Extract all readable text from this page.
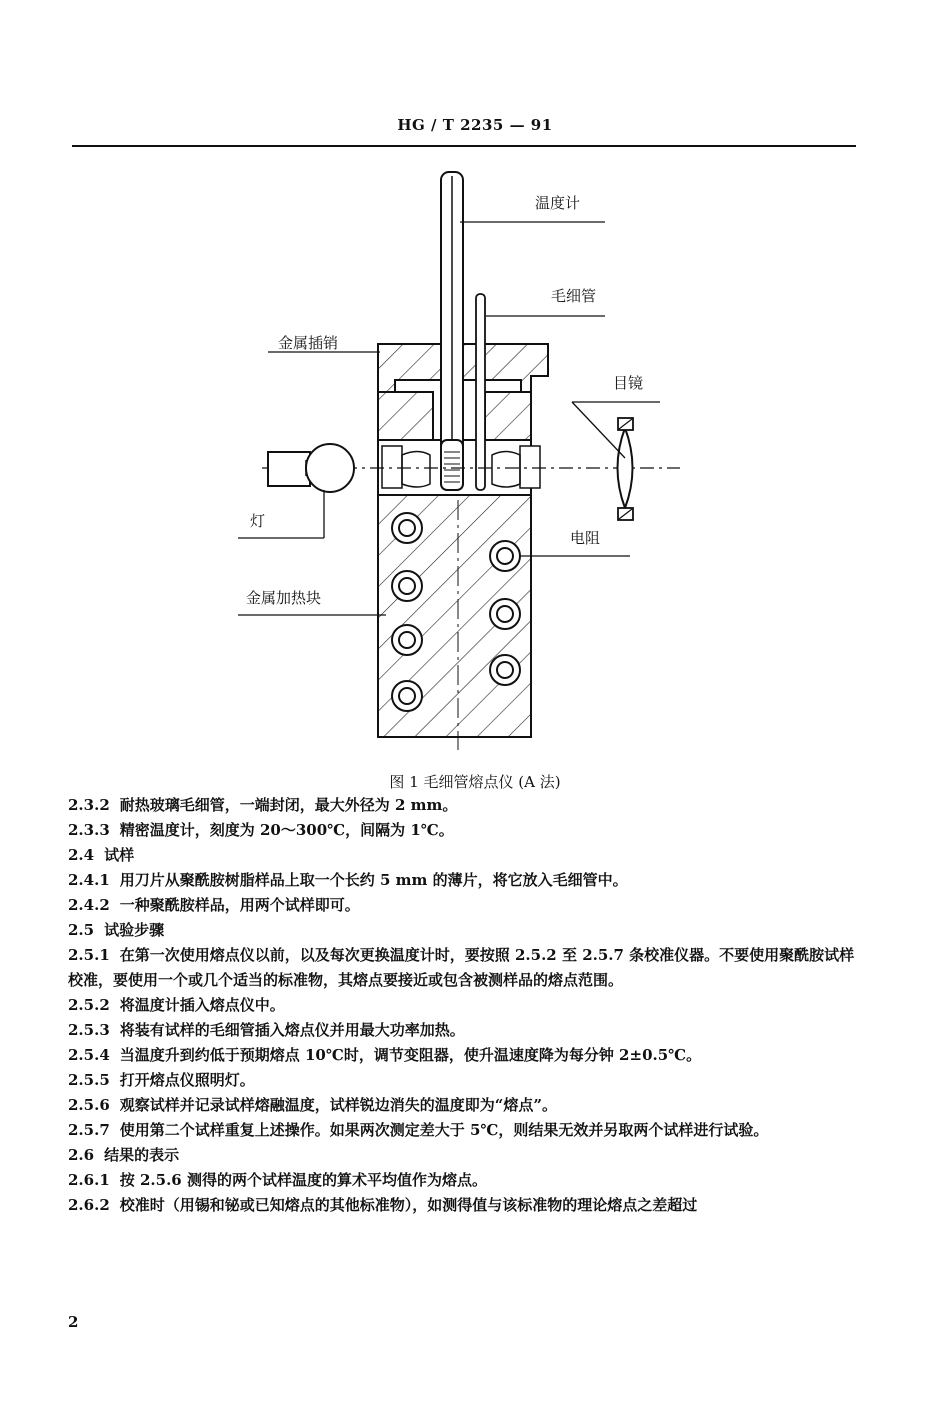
HG / T 2235 — 91
温度计
毛细管
金属插销
目镜
灯
电阻
金属加热块
图 1 毛细管熔点仪 (A 法)

2.3.2 耐热玻璃毛细管，一端封闭，最大外径为 2 mm。

2.3.3 精密温度计，刻度为 20～300℃，间隔为 1℃。

2.4 试样

2.4.1 用刀片从聚酰胺树脂样品上取一个长约 5 mm 的薄片，将它放入毛细管中。

2.4.2 一种聚酰胺样品，用两个试样即可。

2.5 试验步骤

2.5.1 在第一次使用熔点仪以前，以及每次更换温度计时，要按照 2.5.2 至 2.5.7 条校准仪器。不要使用聚酰胺试样校准，要使用一个或几个适当的标准物，其熔点要接近或包含被测样品的熔点范围。

2.5.2 将温度计插入熔点仪中。

2.5.3 将装有试样的毛细管插入熔点仪并用最大功率加热。

2.5.4 当温度升到约低于预期熔点 10℃时，调节变阻器，使升温速度降为每分钟 2±0.5℃。

2.5.5 打开熔点仪照明灯。

2.5.6 观察试样并记录试样熔融温度，试样锐边消失的温度即为“熔点”。

2.5.7 使用第二个试样重复上述操作。如果两次测定差大于 5℃，则结果无效并另取两个试样进行试验。

2.6 结果的表示

2.6.1 按 2.5.6 测得的两个试样温度的算术平均值作为熔点。

2.6.2 校准时（用锡和铋或已知熔点的其他标准物），如测得值与该标准物的理论熔点之差超过

2
